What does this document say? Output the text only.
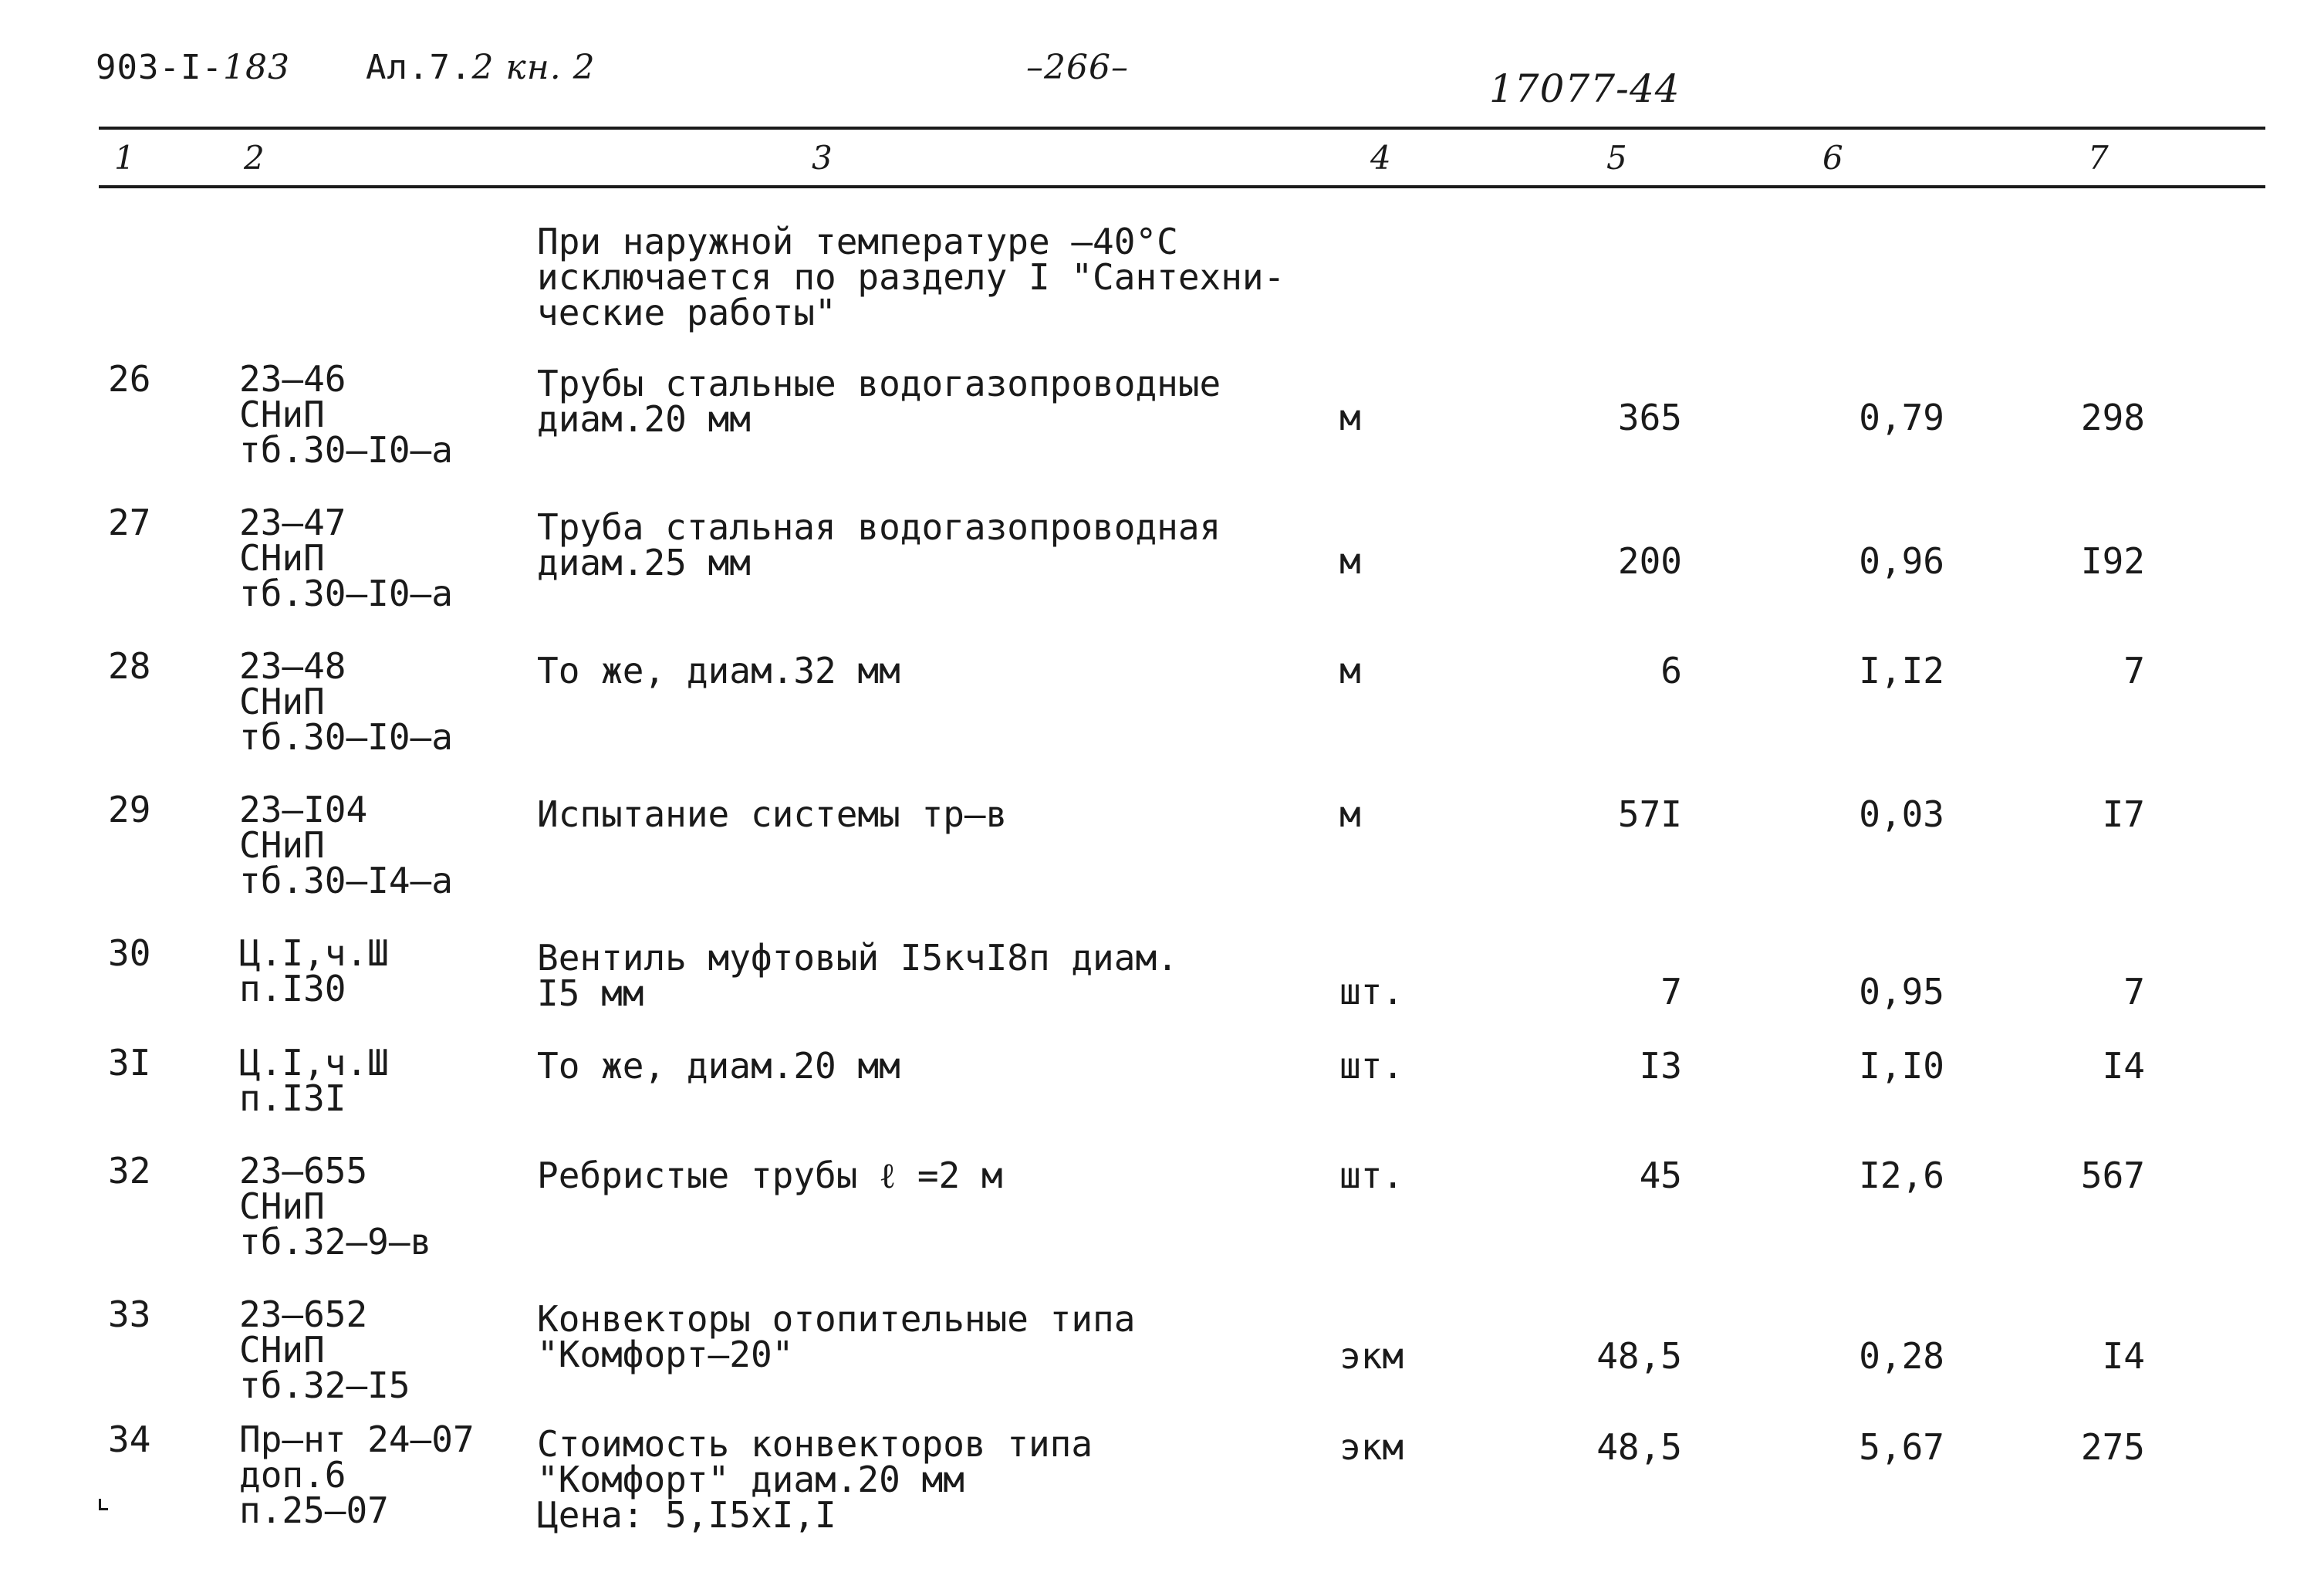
903-I-183 Ал.7.2 кн. 2	–266–	17077-44
1	2	3	4	5	6	7
При наружной температуре –40°С
исключается по разделу I "Сантехни-
ческие работы"
26 23–46
СНиП
тб.30–I0–а
Трубы стальные водогазопроводные
диам.20 мм	м	365	0,79	298
27 23–47
СНиП
тб.30–I0–а
Труба стальная водогазопроводная
диам.25 мм	м	200	0,96	I92
28 23–48
СНиП
тб.30–I0–а
То же, диам.32 мм	м	6	I,I2	7
29 23–I04
СНиП
тб.30–I4–а
Испытание системы тр–в	м	57I	0,03	I7
30 Ц.I,ч.Ш
п.I30
Вентиль муфтовый I5кчI8п диам.
I5 мм	шт.	7	0,95	7
3I Ц.I,ч.Ш
п.I3I
То же, диам.20 мм	шт.	I3	I,I0	I4
32 23–655
СНиП
тб.32–9–в
Ребристые трубы ℓ =2 м	шт.	45	I2,6	567
33 23–652
СНиП
тб.32–I5
Конвекторы отопительные типа
"Комфорт–20"	экм	48,5	0,28	I4
34 Пр–нт 24–07
доп.6
п.25–07
Стоимость конвекторов типа
"Комфорт" диам.20 мм
Цена: 5,I5хI,I
экм	48,5	5,67	275
